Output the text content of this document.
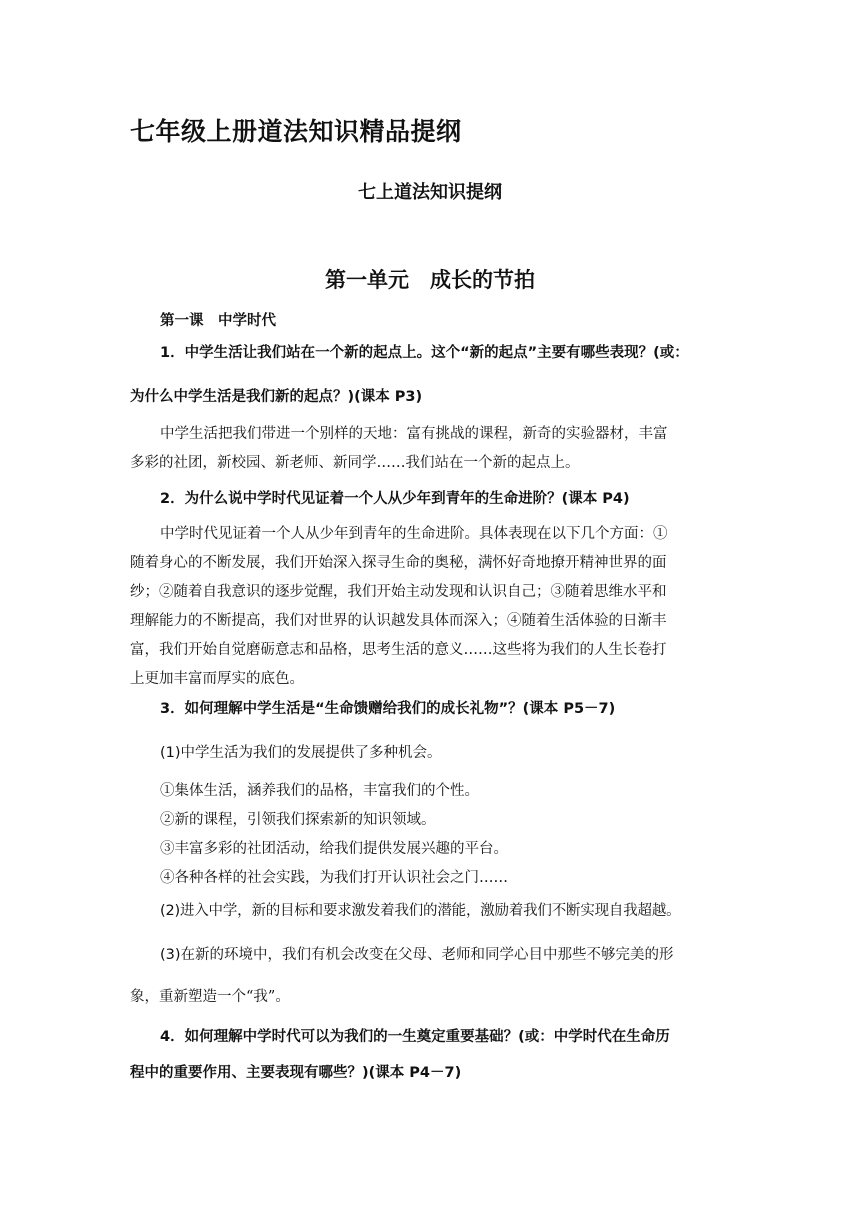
七年级上册道法知识精品提纲
七上道法知识提纲
第一单元　成长的节拍
第一课　中学时代
1．中学生活让我们站在一个新的起点上。这个“新的起点”主要有哪些表现？(或：
为什么中学生活是我们新的起点？)(课本 P3)
中学生活把我们带进一个别样的天地：富有挑战的课程，新奇的实验器材，丰富
多彩的社团，新校园、新老师、新同学……我们站在一个新的起点上。
2．为什么说中学时代见证着一个人从少年到青年的生命进阶？(课本 P4)
中学时代见证着一个人从少年到青年的生命进阶。具体表现在以下几个方面：①
随着身心的不断发展，我们开始深入探寻生命的奥秘，满怀好奇地撩开精神世界的面
纱；②随着自我意识的逐步觉醒，我们开始主动发现和认识自己；③随着思维水平和
理解能力的不断提高，我们对世界的认识越发具体而深入；④随着生活体验的日渐丰
富，我们开始自觉磨砺意志和品格，思考生活的意义……这些将为我们的人生长卷打
上更加丰富而厚实的底色。
3．如何理解中学生活是“生命馈赠给我们的成长礼物”？(课本 P5－7)
(1)中学生活为我们的发展提供了多种机会。
①集体生活，涵养我们的品格，丰富我们的个性。
②新的课程，引领我们探索新的知识领域。
③丰富多彩的社团活动，给我们提供发展兴趣的平台。
④各种各样的社会实践，为我们打开认识社会之门……
(2)进入中学，新的目标和要求激发着我们的潜能，激励着我们不断实现自我超越。
(3)在新的环境中，我们有机会改变在父母、老师和同学心目中那些不够完美的形
象，重新塑造一个“我”。
4．如何理解中学时代可以为我们的一生奠定重要基础？(或：中学时代在生命历
程中的重要作用、主要表现有哪些？)(课本 P4－7)
